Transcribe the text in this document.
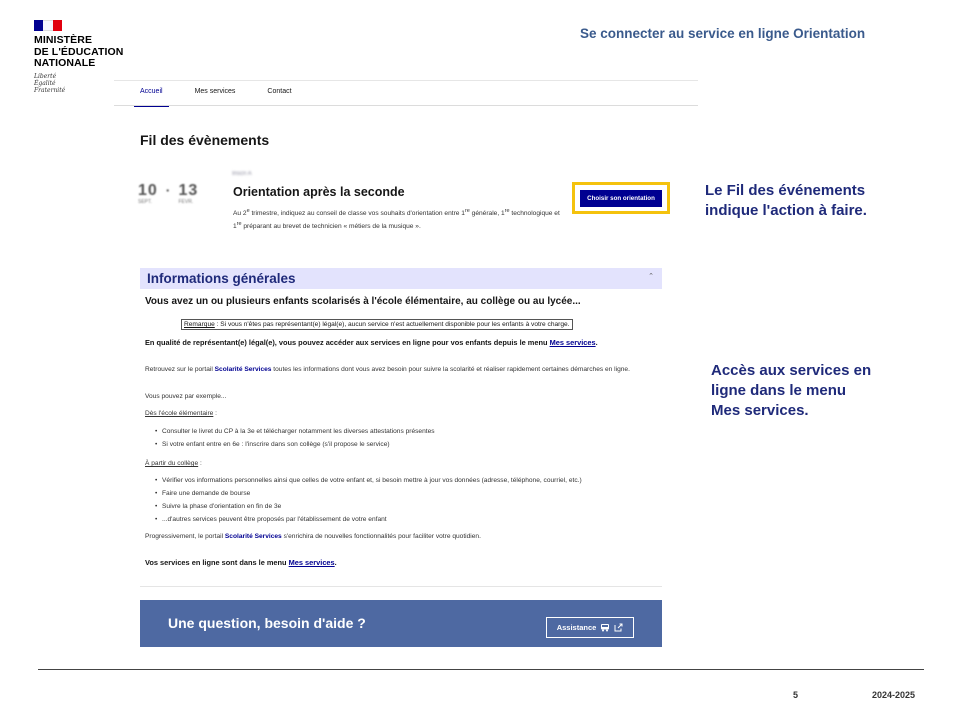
MINISTÈRE
DE L'ÉDUCATION
NATIONALE
Liberté
Égalité
Fraternité
Se connecter au service en ligne Orientation
Accueil	Mes services	Contact
Fil des évènements
Inscri A
10
SEPT.
· 13
FEVR.
Orientation après la seconde
Au 2e trimestre, indiquez au conseil de classe vos souhaits d'orientation entre 1re générale, 1re technologique et 1re préparant au brevet de technicien « métiers de la musique ».
Choisir son orientation
Informations générales	⌃
Vous avez un ou plusieurs enfants scolarisés à l'école élémentaire, au collège ou au lycée...
Remarque : Si vous n'êtes pas représentant(e) légal(e), aucun service n'est actuellement disponible pour les enfants à votre charge.
En qualité de représentant(e) légal(e), vous pouvez accéder aux services en ligne pour vos enfants depuis le menu Mes services.
Retrouvez sur le portail Scolarité Services toutes les informations dont vous avez besoin pour suivre la scolarité et réaliser rapidement certaines démarches en ligne.
Vous pouvez par exemple...
Dès l'école élémentaire :
• Consulter le livret du CP à la 3e et télécharger notamment les diverses attestations présentes
• Si votre enfant entre en 6e : l'inscrire dans son collège (s'il propose le service)
À partir du collège :
• Vérifier vos informations personnelles ainsi que celles de votre enfant et, si besoin mettre à jour vos données (adresse, téléphone, courriel, etc.)
• Faire une demande de bourse
• Suivre la phase d'orientation en fin de 3e
• ...d'autres services peuvent être proposés par l'établissement de votre enfant
Progressivement, le portail Scolarité Services s'enrichira de nouvelles fonctionnalités pour faciliter votre quotidien.
Vos services en ligne sont dans le menu Mes services.
Une question, besoin d'aide ?	Assistance
Le Fil des événements
indique l'action à faire.
Accès aux services en
ligne dans le menu
Mes services.
5	2024-2025
